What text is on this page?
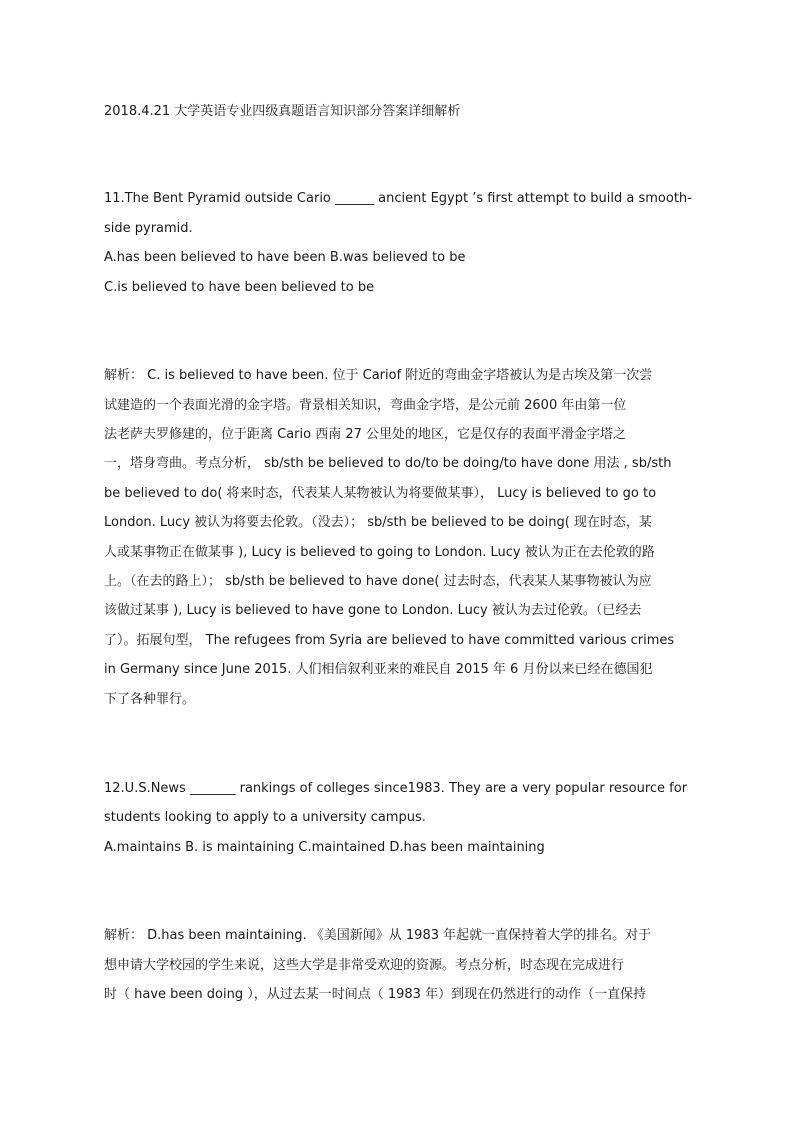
2018.4.21 大学英语专业四级真题语言知识部分答案详细解析
11.The Bent Pyramid outside Cario ______ ancient Egypt ’s first attempt to build a smooth-
side pyramid.
A.has been believed to have been B.was believed to be
C.is believed to have been believed to be
解析： C. is believed to have been. 位于 Cariof 附近的弯曲金字塔被认为是古埃及第一次尝
试建造的一个表面光滑的金字塔。背景相关知识，弯曲金字塔，是公元前 2600 年由第一位
法老萨夫罗修建的，位于距离 Cario 西南 27 公里处的地区，它是仅存的表面平滑金字塔之
一，塔身弯曲。考点分析， sb/sth be believed to do/to be doing/to have done 用法 , sb/sth
be believed to do( 将来时态，代表某人某物被认为将要做某事）， Lucy is believed to go to
London. Lucy 被认为将要去伦敦。（没去）； sb/sth be believed to be doing( 现在时态，某
人或某事物正在做某事 ), Lucy is believed to going to London. Lucy 被认为正在去伦敦的路
上。（在去的路上）； sb/sth be believed to have done( 过去时态，代表某人某事物被认为应
该做过某事 ), Lucy is believed to have gone to London. Lucy 被认为去过伦敦。（已经去
了）。拓展句型， The refugees from Syria are believed to have committed various crimes
in Germany since June 2015. 人们相信叙利亚来的难民自 2015 年 6 月份以来已经在德国犯
下了各种罪行。
12.U.S.News _______ rankings of colleges since1983. They are a very popular resource for
students looking to apply to a university campus.
A.maintains B. is maintaining C.maintained D.has been maintaining
解析： D.has been maintaining. 《美国新闻》从 1983 年起就一直保持着大学的排名。对于
想申请大学校园的学生来说，这些大学是非常受欢迎的资源。考点分析，时态现在完成进行
时（ have been doing ），从过去某一时间点（ 1983 年）到现在仍然进行的动作（一直保持
